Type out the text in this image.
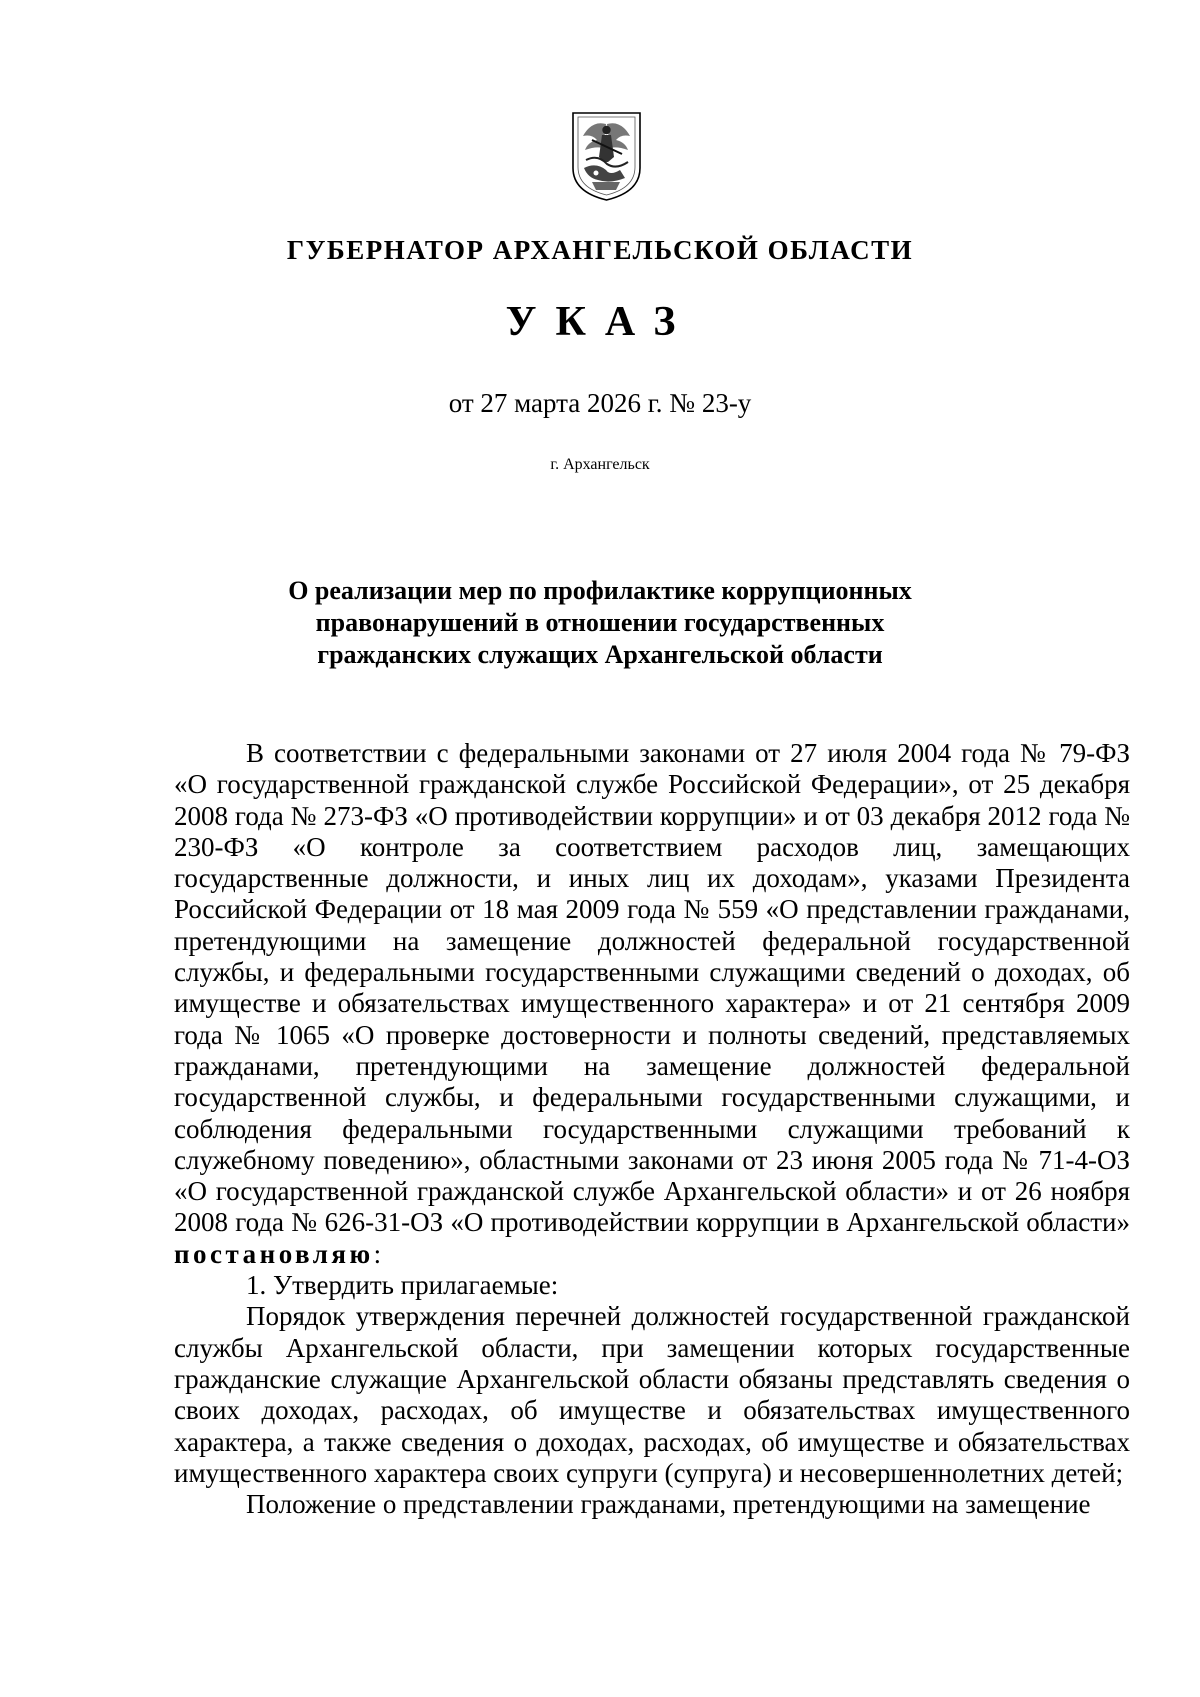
ГУБЕРНАТОР АРХАНГЕЛЬСКОЙ ОБЛАСТИ
УКАЗ

от 27 марта 2026 г. № 23-у

г. Архангельск

О реализации мер по профилактике коррупционных
правонарушений в отношении государственных
гражданских служащих Архангельской области

В соответствии с федеральными законами от 27 июля 2004 года № 79-ФЗ «О государственной гражданской службе Российской Федерации», от 25 декабря 2008 года № 273-ФЗ «О противодействии коррупции» и от 03 декабря 2012 года № 230-ФЗ «О контроле за соответствием расходов лиц, замещающих государственные должности, и иных лиц их доходам», указами Президента Российской Федерации от 18 мая 2009 года № 559 «О представлении гражданами, претендующими на замещение должностей федеральной государственной службы, и федеральными государственными служащими сведений о доходах, об имуществе и обязательствах имущественного характера» и от 21 сентября 2009 года № 1065 «О проверке достоверности и полноты сведений, представляемых гражданами, претендующими на замещение должностей федеральной государственной службы, и федеральными государственными служащими, и соблюдения федеральными государственными служащими требований к служебному поведению», областными законами от 23 июня 2005 года № 71-4-ОЗ «О государственной гражданской службе Архангельской области» и от 26 ноября 2008 года № 626-31-ОЗ «О противодействии коррупции в Архангельской области» постановляю:

1. Утвердить прилагаемые:

Порядок утверждения перечней должностей государственной гражданской службы Архангельской области, при замещении которых государственные гражданские служащие Архангельской области обязаны представлять сведения о своих доходах, расходах, об имуществе и обязательствах имущественного характера, а также сведения о доходах, расходах, об имуществе и обязательствах имущественного характера своих супруги (супруга) и несовершеннолетних детей;

Положение о представлении гражданами, претендующими на замещение
